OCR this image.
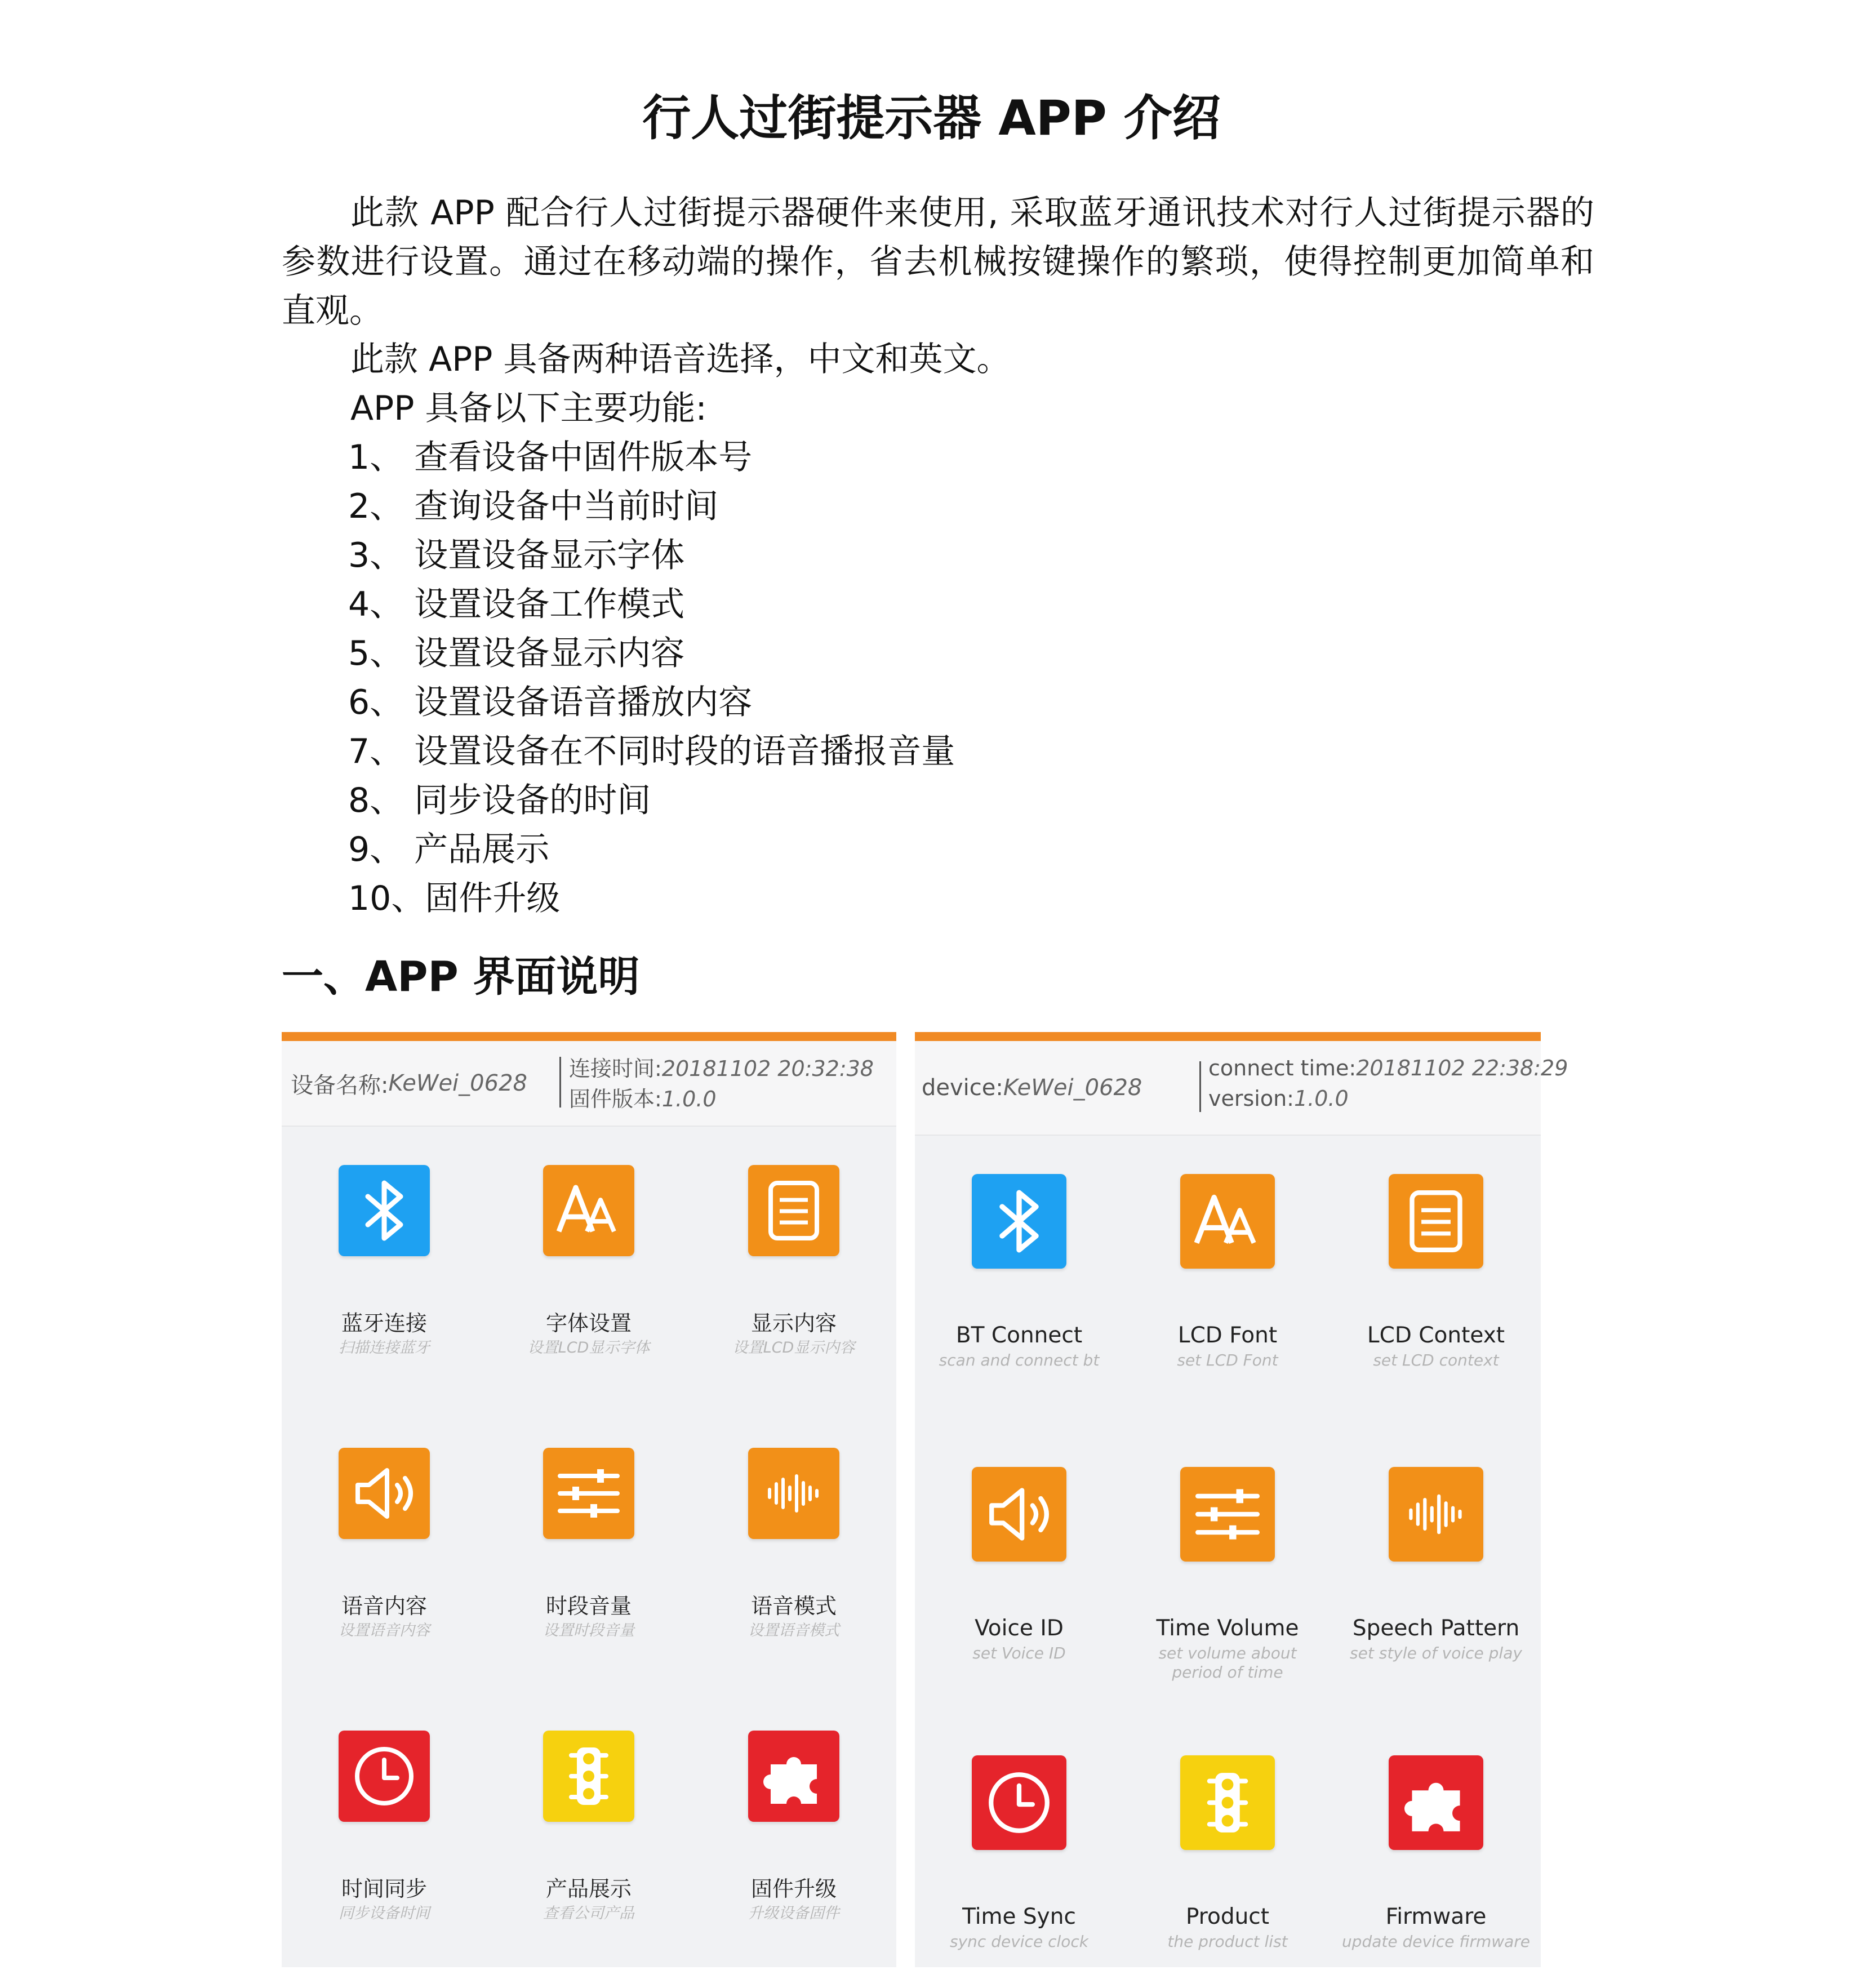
行人过街提示器 APP 介绍

此款 APP 配合行人过街提示器硬件来使用, 采取蓝牙通讯技术对行人过街提示器的参数进行设置。通过在移动端的操作，省去机械按键操作的繁琐，使得控制更加简单和直观。

此款 APP 具备两种语音选择，中文和英文。

APP 具备以下主要功能:

1、 查看设备中固件版本号
2、 查询设备中当前时间
3、 设置设备显示字体
4、 设置设备工作模式
5、 设置设备显示内容
6、 设置设备语音播放内容
7、 设置设备在不同时段的语音播报音量
8、 同步设备的时间
9、 产品展示
10、固件升级
一、APP 界面说明
设备名称: KeWei_0628
连接时间:20181102 20:32:38
固件版本:1.0.0
蓝牙连接
扫描连接蓝牙
字体设置
设置LCD显示字体
显示内容
设置LCD显示内容
语音内容
设置语音内容
时段音量
设置时段音量
语音模式
设置语音模式
时间同步
同步设备时间
产品展示
查看公司产品
固件升级
升级设备固件
device: KeWei_0628
connect time:20181102 22:38:29
version:1.0.0
BT Connect
scan and connect bt
LCD Font
set LCD Font
LCD Context
set LCD context
Voice ID
set Voice ID
Time Volume
set volume about period of time
Speech Pattern
set style of voice play
Time Sync
sync device clock
Product
the product list
Firmware
update device firmware
